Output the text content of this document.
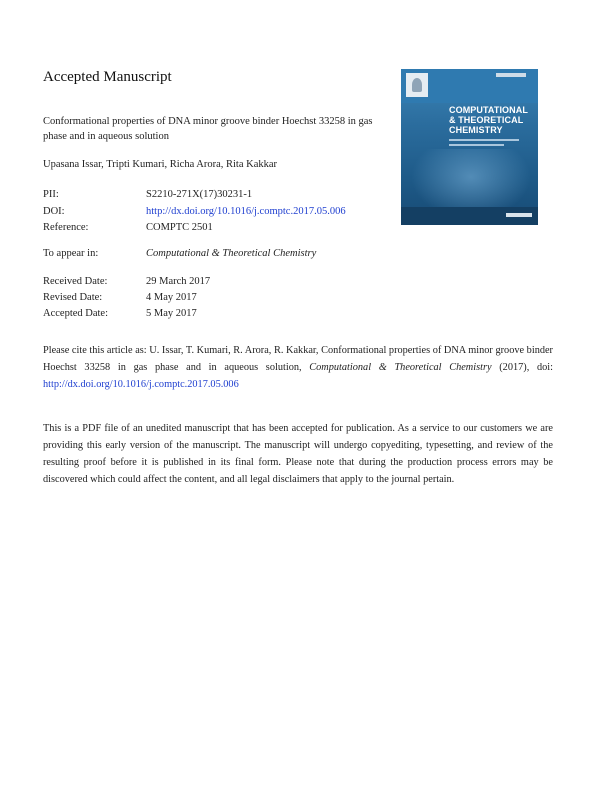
Accepted Manuscript
Conformational properties of DNA minor groove binder Hoechst 33258 in gas phase and in aqueous solution
Upasana Issar, Tripti Kumari, Richa Arora, Rita Kakkar
PII:	S2210-271X(17)30231-1
DOI:	http://dx.doi.org/10.1016/j.comptc.2017.05.006
Reference:	COMPTC 2501
To appear in:	Computational & Theoretical Chemistry
Received Date:	29 March 2017
Revised Date:	4 May 2017
Accepted Date:	5 May 2017
Please cite this article as: U. Issar, T. Kumari, R. Arora, R. Kakkar, Conformational properties of DNA minor groove binder Hoechst 33258 in gas phase and in aqueous solution, Computational & Theoretical Chemistry (2017), doi: http://dx.doi.org/10.1016/j.comptc.2017.05.006
This is a PDF file of an unedited manuscript that has been accepted for publication. As a service to our customers we are providing this early version of the manuscript. The manuscript will undergo copyediting, typesetting, and review of the resulting proof before it is published in its final form. Please note that during the production process errors may be discovered which could affect the content, and all legal disclaimers that apply to the journal pertain.
COMPUTATIONAL
& THEORETICAL
CHEMISTRY
